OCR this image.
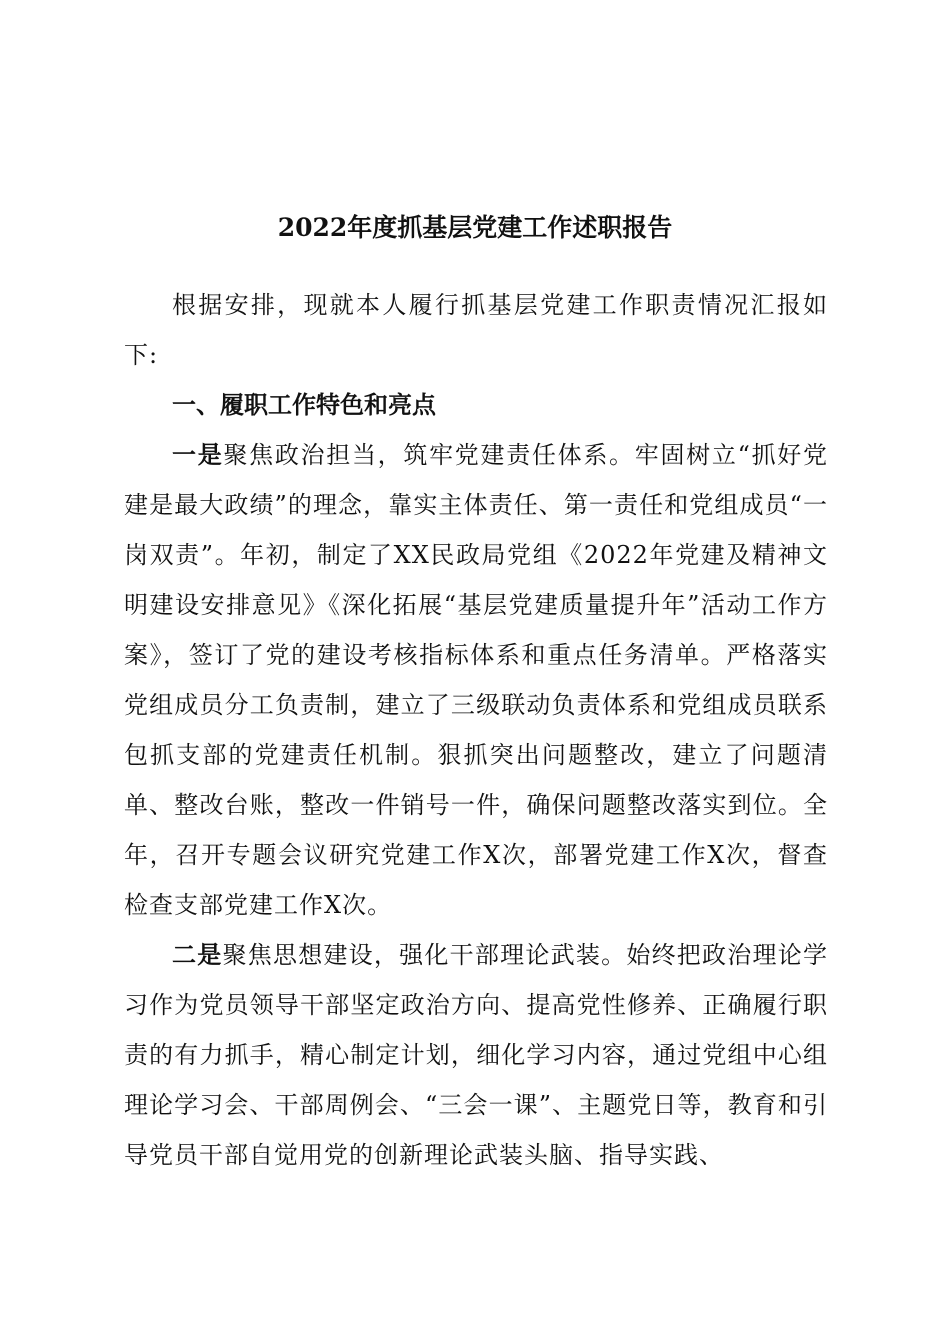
2022年度抓基层党建工作述职报告

根据安排，现就本人履行抓基层党建工作职责情况汇报如下:

一、履职工作特色和亮点

一是聚焦政治担当，筑牢党建责任体系。牢固树立“抓好党建是最大政绩”的理念，靠实主体责任、第一责任和党组成员“一岗双责”。年初，制定了XX民政局党组《2022年党建及精神文明建设安排意见》《深化拓展“基层党建质量提升年”活动工作方案》，签订了党的建设考核指标体系和重点任务清单。严格落实党组成员分工负责制，建立了三级联动负责体系和党组成员联系包抓支部的党建责任机制。狠抓突出问题整改，建立了问题清单、整改台账，整改一件销号一件，确保问题整改落实到位。全年，召开专题会议研究党建工作X次，部署党建工作X次，督查检查支部党建工作X次。

二是聚焦思想建设，强化干部理论武装。始终把政治理论学习作为党员领导干部坚定政治方向、提高党性修养、正确履行职责的有力抓手，精心制定计划，细化学习内容，通过党组中心组理论学习会、干部周例会、“三会一课”、主题党日等，教育和引导党员干部自觉用党的创新理论武装头脑、指导实践、
